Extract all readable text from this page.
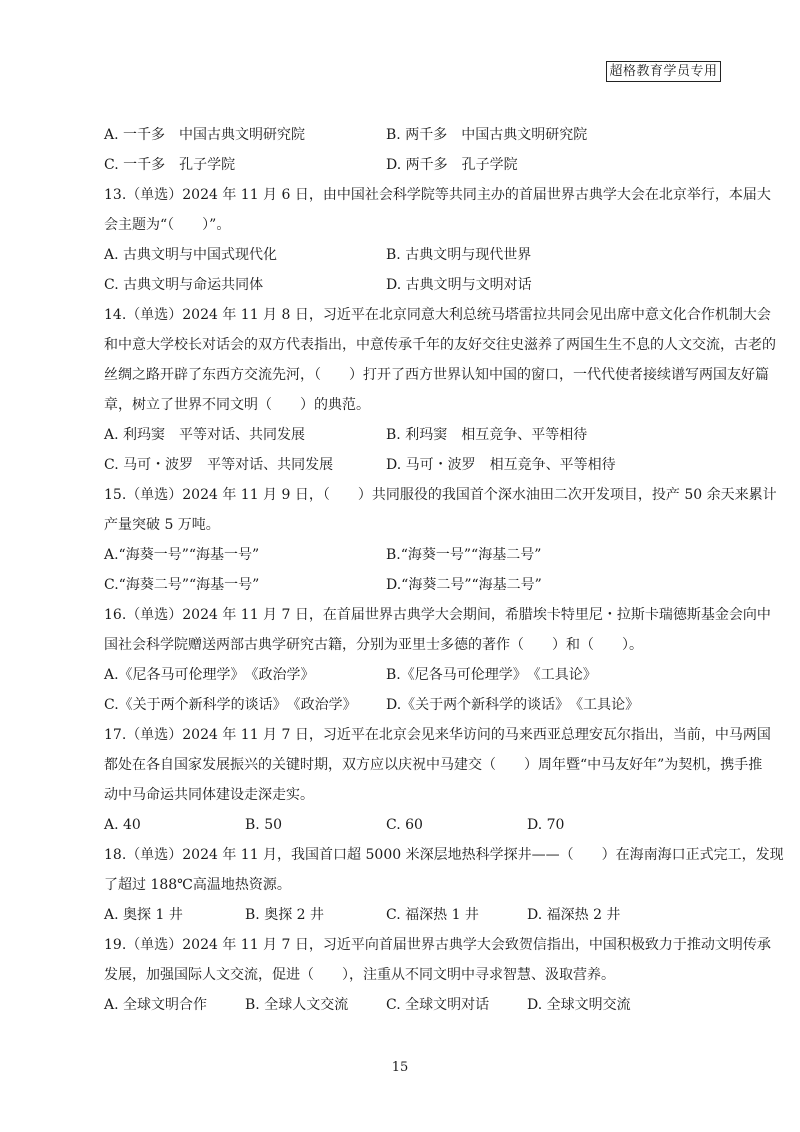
超格教育学员专用
A. 一千多　中国古典文明研究院	B. 两千多　中国古典文明研究院
C. 一千多　孔子学院	D. 两千多　孔子学院
13.（单选）2024 年 11 月 6 日，由中国社会科学院等共同主办的首届世界古典学大会在北京举行，本届大
会主题为“（　　）”。
A. 古典文明与中国式现代化	B. 古典文明与现代世界
C. 古典文明与命运共同体	D. 古典文明与文明对话
14.（单选）2024 年 11 月 8 日，习近平在北京同意大利总统马塔雷拉共同会见出席中意文化合作机制大会
和中意大学校长对话会的双方代表指出，中意传承千年的友好交往史滋养了两国生生不息的人文交流，古老的
丝绸之路开辟了东西方交流先河，（　　）打开了西方世界认知中国的窗口，一代代使者接续谱写两国友好篇
章，树立了世界不同文明（　　）的典范。
A. 利玛窦　平等对话、共同发展	B. 利玛窦　相互竞争、平等相待
C. 马可・波罗　平等对话、共同发展	D. 马可・波罗　相互竞争、平等相待
15.（单选）2024 年 11 月 9 日，（　　）共同服役的我国首个深水油田二次开发项目，投产 50 余天来累计
产量突破 5 万吨。
A.“海葵一号”“海基一号”	B.“海葵一号”“海基二号”
C.“海葵二号”“海基一号”	D.“海葵二号”“海基二号”
16.（单选）2024 年 11 月 7 日，在首届世界古典学大会期间，希腊埃卡特里尼・拉斯卡瑞德斯基金会向中
国社会科学院赠送两部古典学研究古籍，分别为亚里士多德的著作（　　）和（　　）。
A.《尼各马可伦理学》　《政治学》	B.《尼各马可伦理学》　《工具论》
C.《关于两个新科学的谈话》　《政治学》	D.《关于两个新科学的谈话》　《工具论》
17.（单选）2024 年 11 月 7 日，习近平在北京会见来华访问的马来西亚总理安瓦尔指出，当前，中马两国
都处在各自国家发展振兴的关键时期，双方应以庆祝中马建交（　　）周年暨“中马友好年”为契机，携手推
动中马命运共同体建设走深走实。
A. 40	B. 50	C. 60	D. 70
18.（单选）2024 年 11 月，我国首口超 5000 米深层地热科学探井——（　　）在海南海口正式完工，发现
了超过 188℃高温地热资源。
A. 奥探 1 井	B. 奥探 2 井	C. 福深热 1 井	D. 福深热 2 井
19.（单选）2024 年 11 月 7 日，习近平向首届世界古典学大会致贺信指出，中国积极致力于推动文明传承
发展，加强国际人文交流，促进（　　），注重从不同文明中寻求智慧、汲取营养。
A. 全球文明合作	B. 全球人文交流	C. 全球文明对话	D. 全球文明交流
15
